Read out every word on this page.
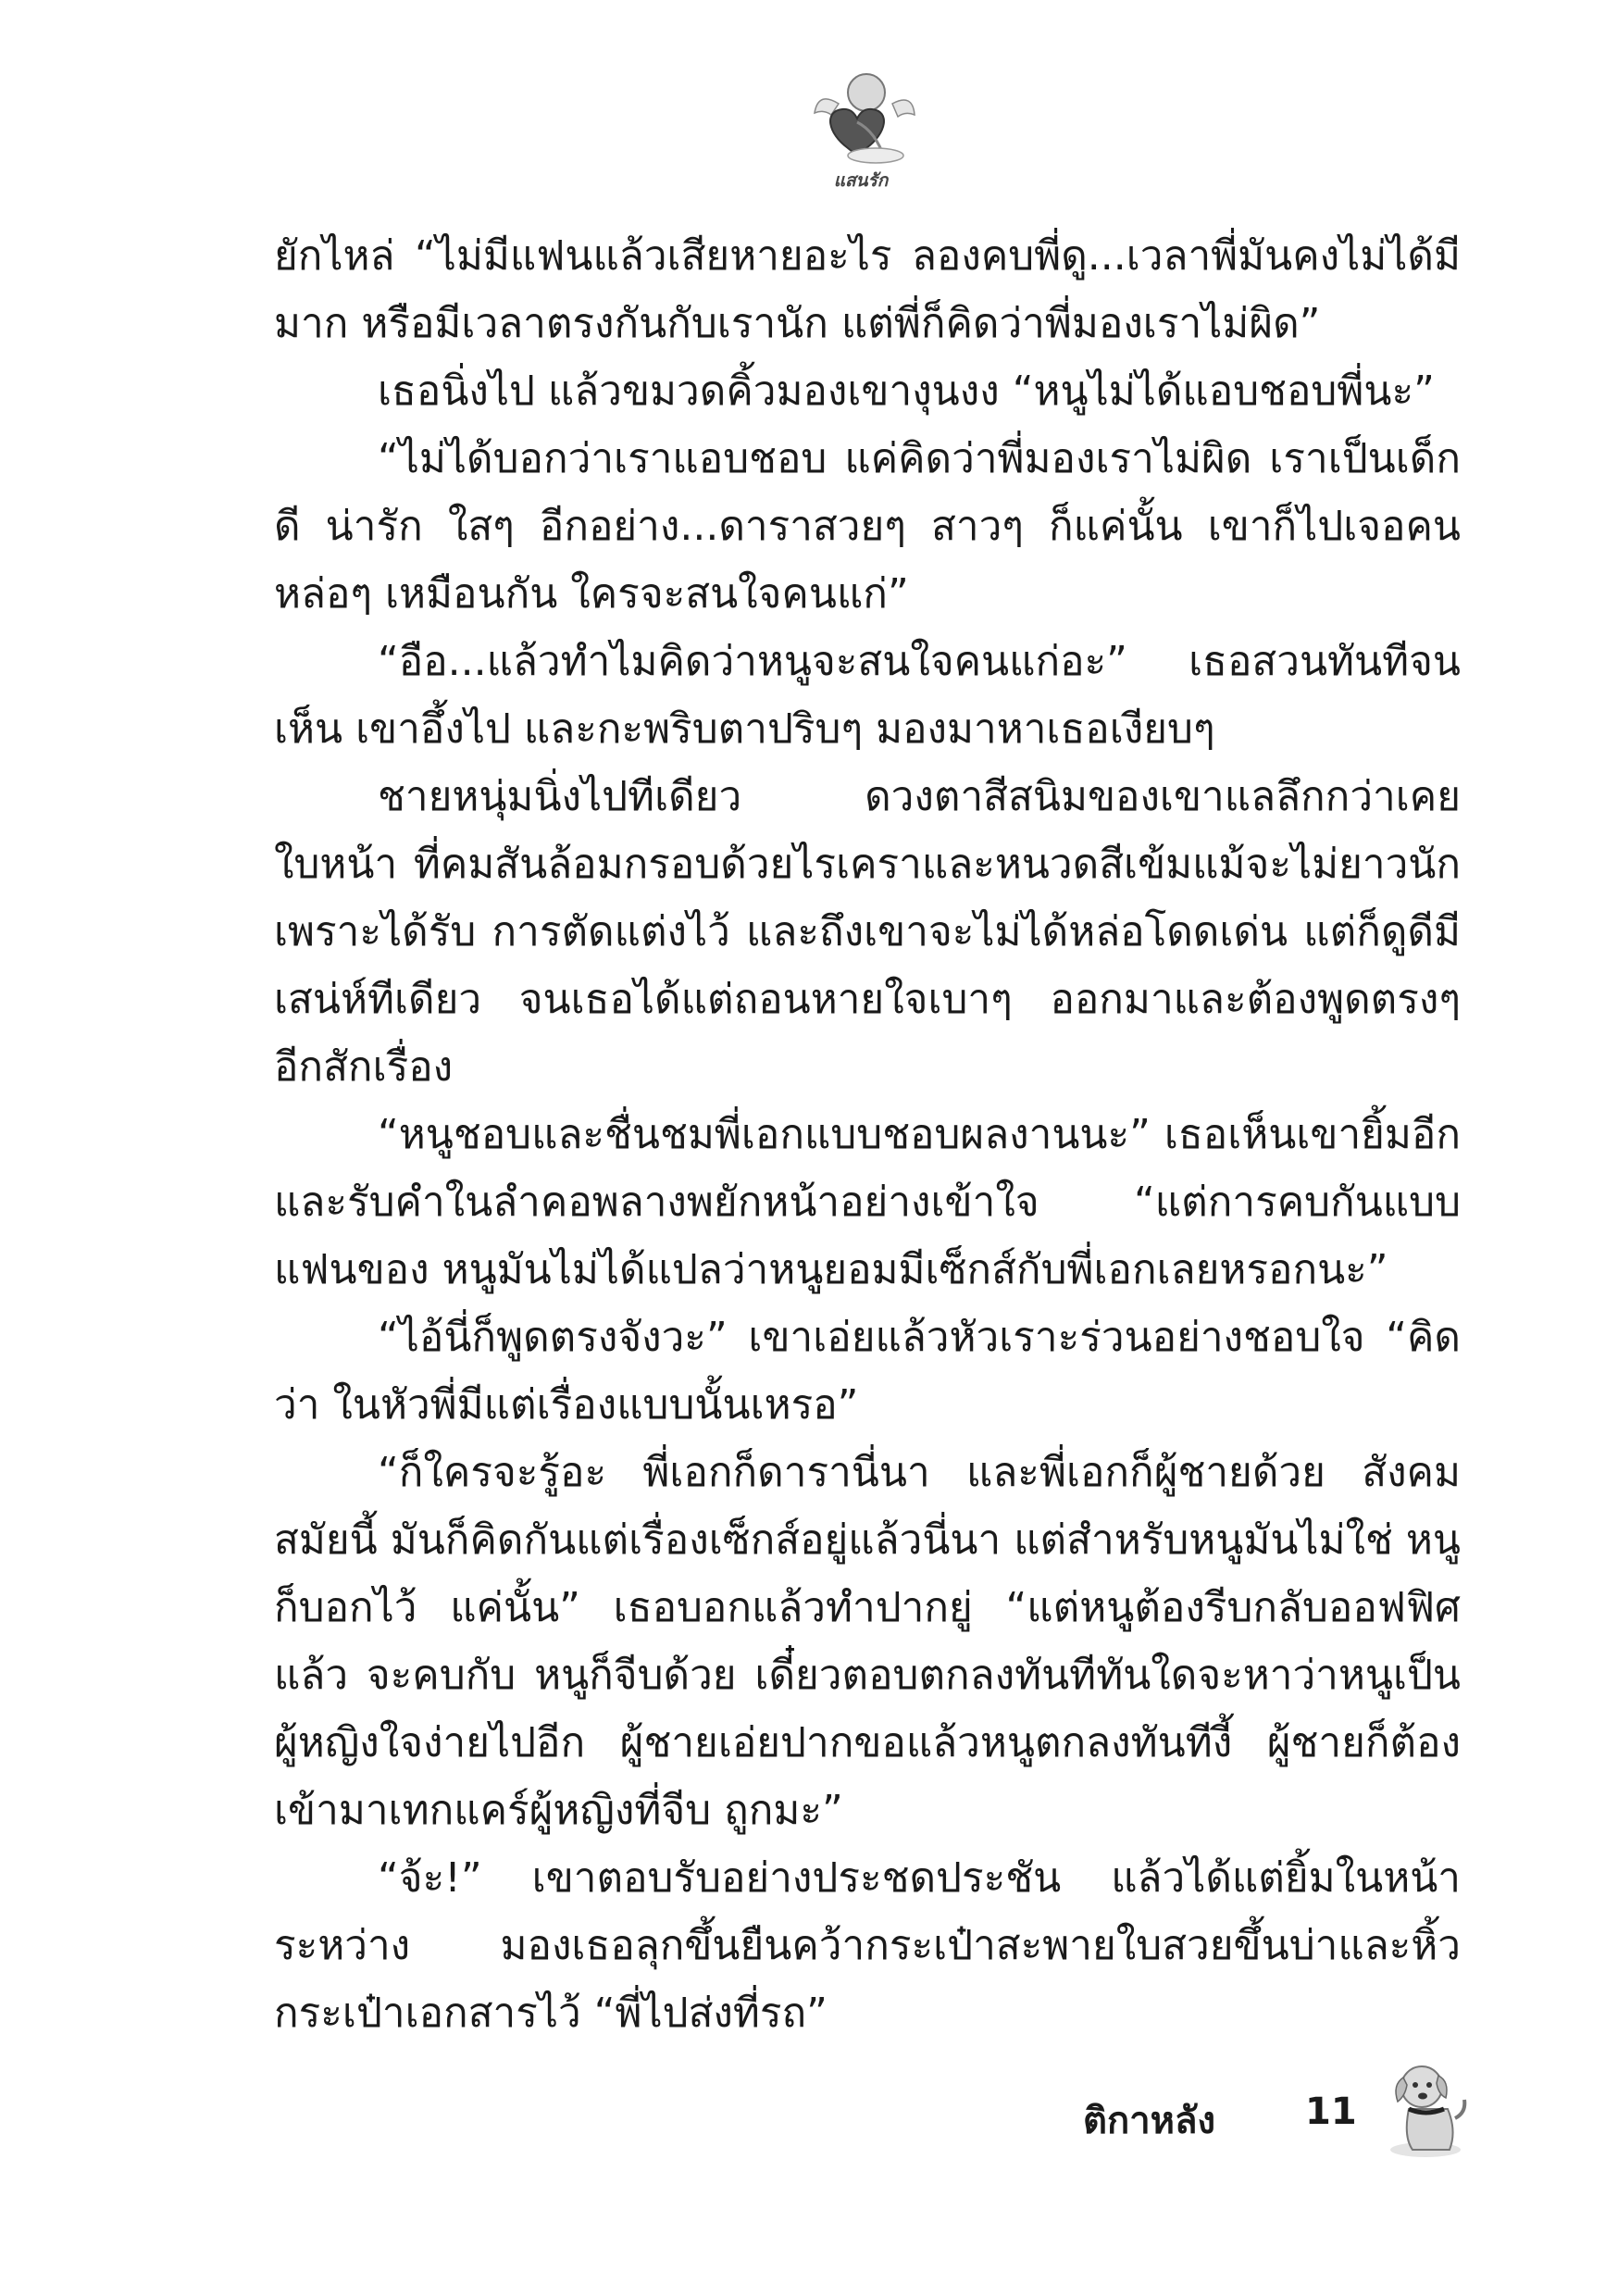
แสนรัก

ยักไหล่ “ไม่มีแฟนแล้วเสียหายอะไร ลองคบพี่ดู...เวลาพี่มันคงไม่ได้มีมาก หรือมีเวลาตรงกันกับเรานัก แต่พี่ก็คิดว่าพี่มองเราไม่ผิด”

เธอนิ่งไป แล้วขมวดคิ้วมองเขางุนงง “หนูไม่ได้แอบชอบพี่นะ”

“ไม่ได้บอกว่าเราแอบชอบ แค่คิดว่าพี่มองเราไม่ผิด เราเป็นเด็กดี น่ารัก ใสๆ อีกอย่าง...ดาราสวยๆ สาวๆ ก็แค่นั้น เขาก็ไปเจอคนหล่อๆ เหมือนกัน ใครจะสนใจคนแก่”

“อือ...แล้วทำไมคิดว่าหนูจะสนใจคนแก่อะ” เธอสวนทันทีจนเห็น เขาอึ้งไป และกะพริบตาปริบๆ มองมาหาเธอเงียบๆ

ชายหนุ่มนิ่งไปทีเดียว ดวงตาสีสนิมของเขาแลลึกกว่าเคย ใบหน้า ที่คมสันล้อมกรอบด้วยไรเคราและหนวดสีเข้มแม้จะไม่ยาวนักเพราะได้รับ การตัดแต่งไว้ และถึงเขาจะไม่ได้หล่อโดดเด่น แต่ก็ดูดีมีเสน่ห์ทีเดียว จนเธอได้แต่ถอนหายใจเบาๆ ออกมาและต้องพูดตรงๆ อีกสักเรื่อง

“หนูชอบและชื่นชมพี่เอกแบบชอบผลงานนะ” เธอเห็นเขายิ้มอีก และรับคำในลำคอพลางพยักหน้าอย่างเข้าใจ “แต่การคบกันแบบแฟนของ หนูมันไม่ได้แปลว่าหนูยอมมีเซ็กส์กับพี่เอกเลยหรอกนะ”

“ไอ้นี่ก็พูดตรงจังวะ” เขาเอ่ยแล้วหัวเราะร่วนอย่างชอบใจ “คิดว่า ในหัวพี่มีแต่เรื่องแบบนั้นเหรอ”

“ก็ใครจะรู้อะ พี่เอกก็ดารานี่นา และพี่เอกก็ผู้ชายด้วย สังคมสมัยนี้ มันก็คิดกันแต่เรื่องเซ็กส์อยู่แล้วนี่นา แต่สำหรับหนูมันไม่ใช่ หนูก็บอกไว้ แค่นั้น” เธอบอกแล้วทำปากยู่ “แต่หนูต้องรีบกลับออฟฟิศแล้ว จะคบกับ หนูก็จีบด้วย เดี๋ยวตอบตกลงทันทีทันใดจะหาว่าหนูเป็นผู้หญิงใจง่ายไปอีก ผู้ชายเอ่ยปากขอแล้วหนูตกลงทันทีงี้ ผู้ชายก็ต้องเข้ามาเทกแคร์ผู้หญิงที่จีบ ถูกมะ”

“จ้ะ!” เขาตอบรับอย่างประชดประชัน แล้วได้แต่ยิ้มในหน้า ระหว่าง มองเธอลุกขึ้นยืนคว้ากระเป๋าสะพายใบสวยขึ้นบ่าและหิ้วกระเป๋าเอกสารไว้ “พี่ไปส่งที่รถ”

ติกาหลัง 11
